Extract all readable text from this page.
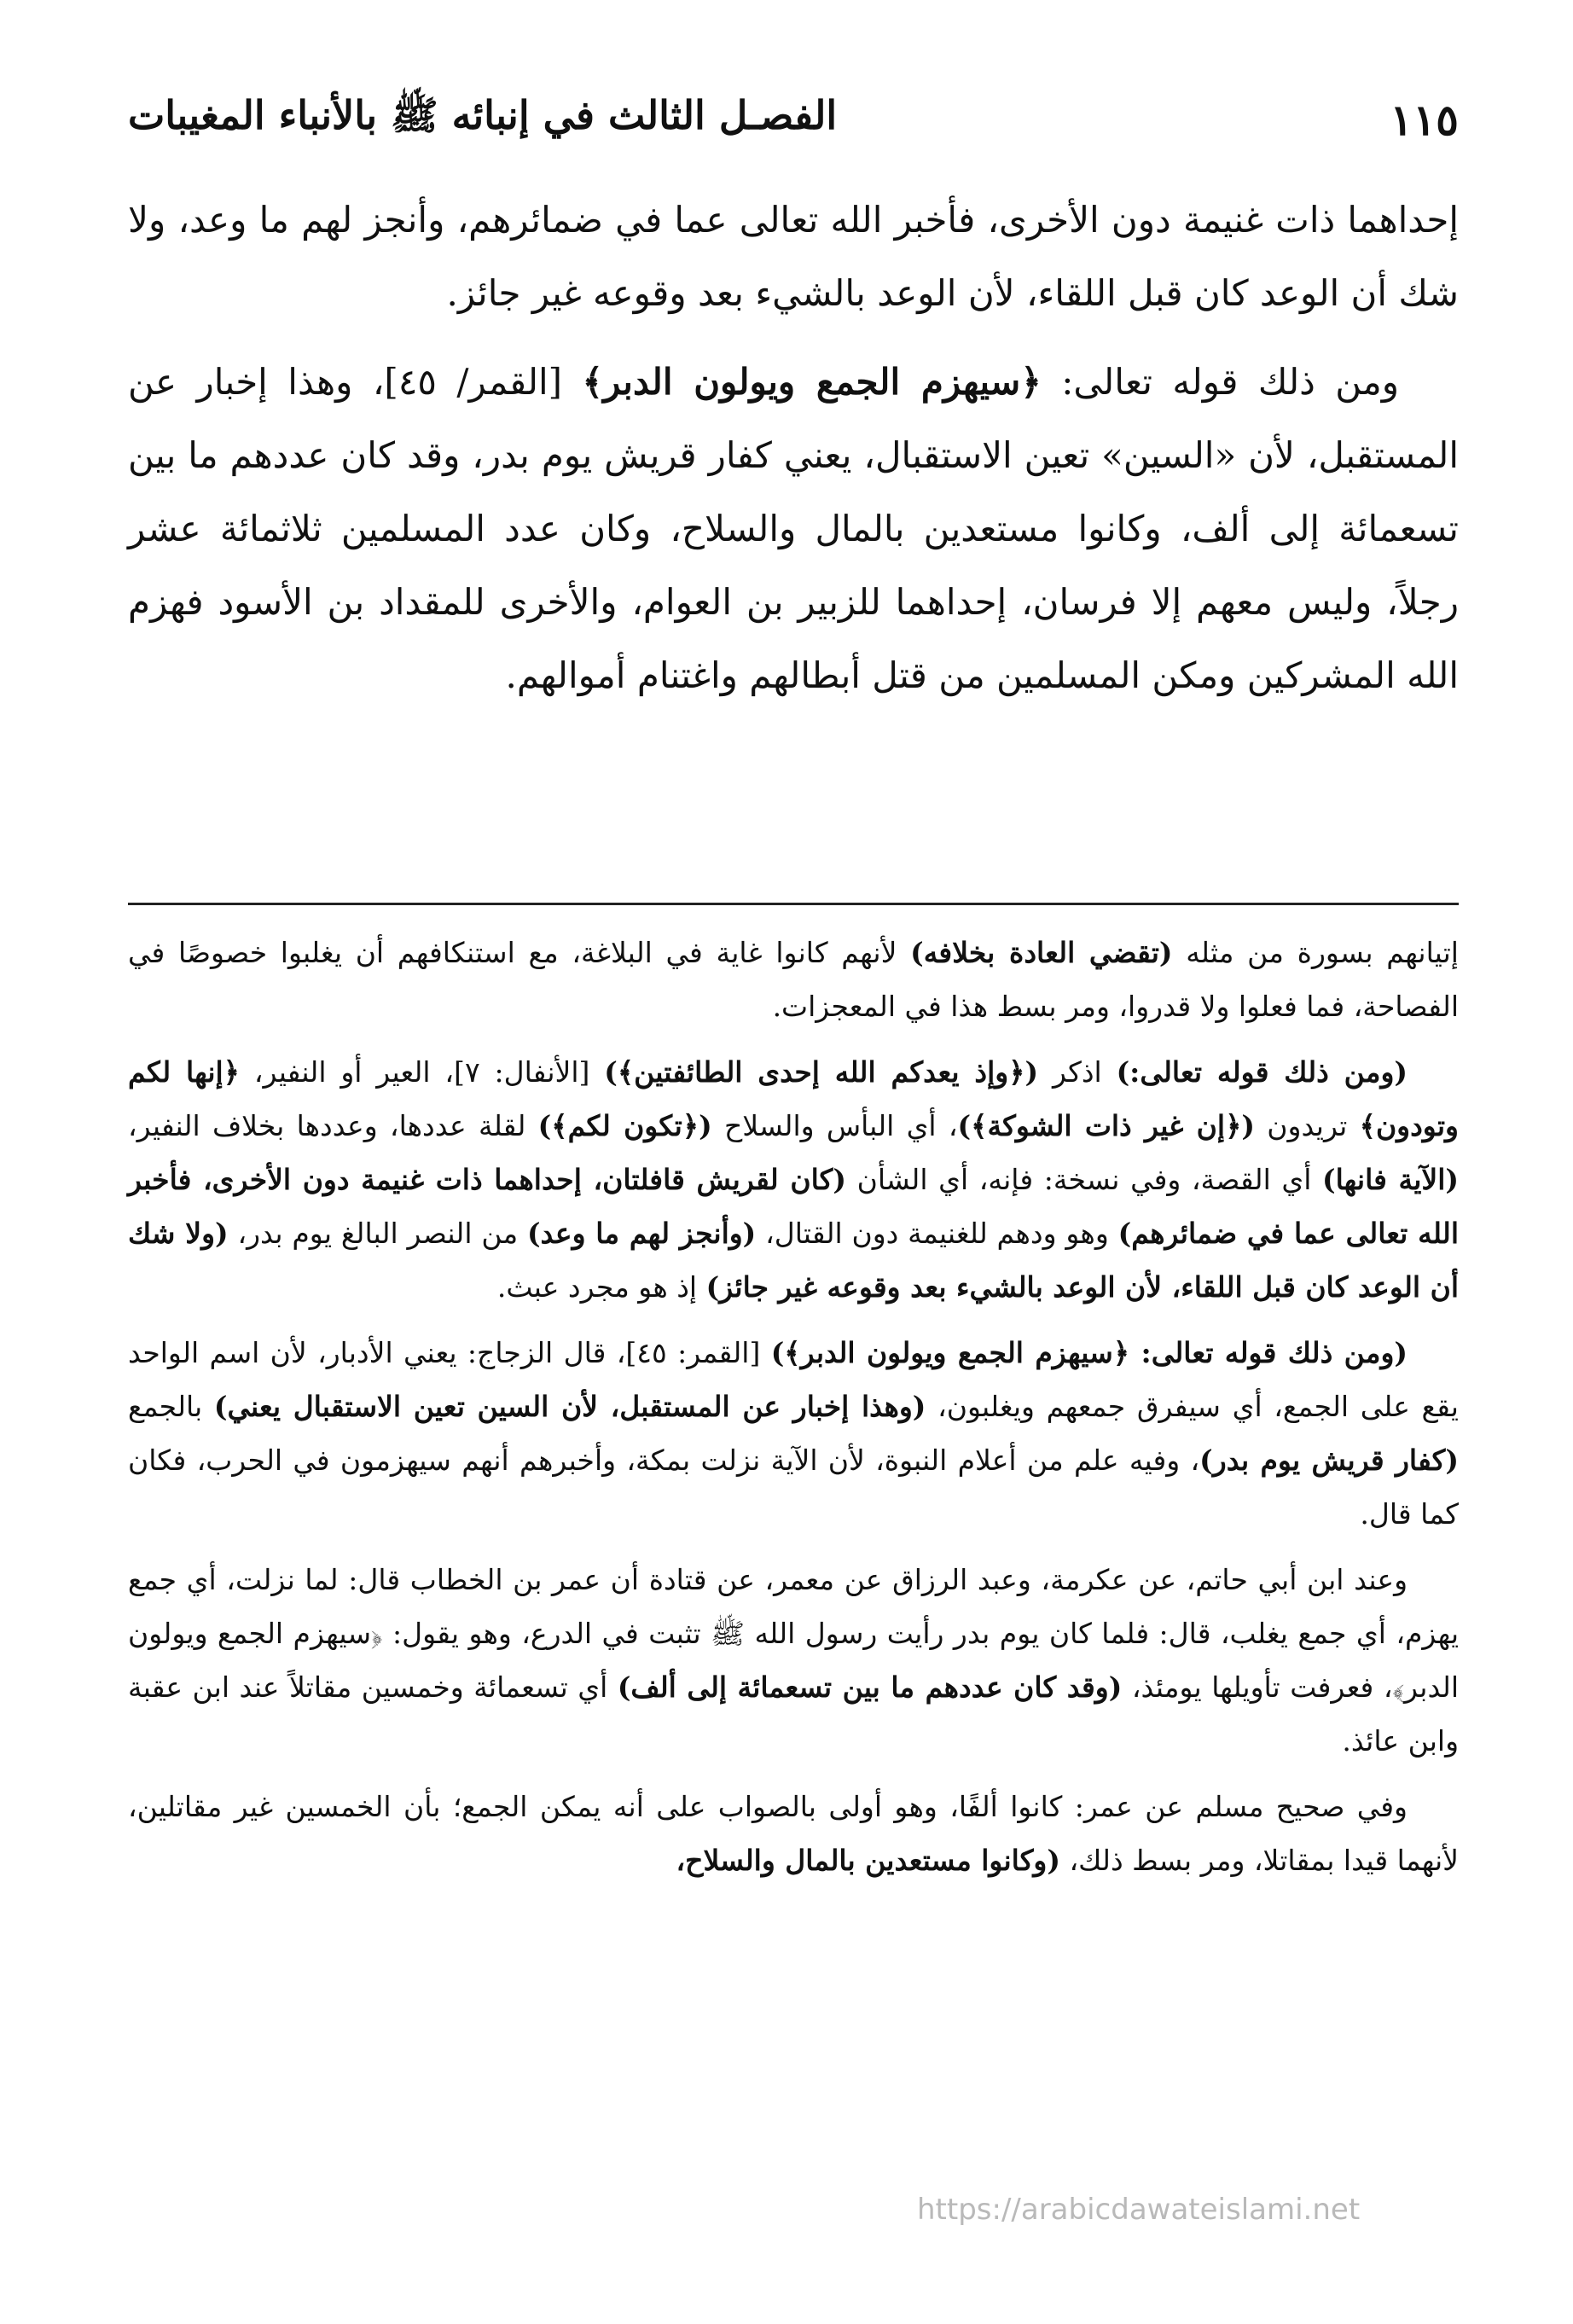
الفصـل الثالث في إنبائه ﷺ بالأنباء المغيبات	١١٥

إحداهما ذات غنيمة دون الأخرى، فأخبر الله تعالى عما في ضمائرهم، وأنجز لهم ما وعد، ولا شك أن الوعد كان قبل اللقاء، لأن الوعد بالشيء بعد وقوعه غير جائز.

ومن ذلك قوله تعالى: ﴿سيهزم الجمع ويولون الدبر﴾ [القمر/ ٤٥]، وهذا إخبار عن المستقبل، لأن «السين» تعين الاستقبال، يعني كفار قريش يوم بدر، وقد كان عددهم ما بين تسعمائة إلى ألف، وكانوا مستعدين بالمال والسلاح، وكان عدد المسلمين ثلاثمائة عشر رجلاً، وليس معهم إلا فرسان، إحداهما للزبير بن العوام، والأخرى للمقداد بن الأسود فهزم الله المشركين ومكن المسلمين من قتل أبطالهم واغتنام أموالهم.

إتيانهم بسورة من مثله (تقضي العادة بخلافه) لأنهم كانوا غاية في البلاغة، مع استنكافهم أن يغلبوا خصوصًا في الفصاحة، فما فعلوا ولا قدروا، ومر بسط هذا في المعجزات.

(ومن ذلك قوله تعالى:) اذكر (﴿وإذ يعدكم الله إحدى الطائفتين﴾) [الأنفال: ٧]، العير أو النفير، ﴿إنها لكم وتودون﴾ تريدون (﴿إن غير ذات الشوكة﴾)، أي البأس والسلاح (﴿تكون لكم﴾) لقلة عددها، وعددها بخلاف النفير، (الآية فانها) أي القصة، وفي نسخة: فإنه، أي الشأن (كان لقريش قافلتان، إحداهما ذات غنيمة دون الأخرى، فأخبر الله تعالى عما في ضمائرهم) وهو ودهم للغنيمة دون القتال، (وأنجز لهم ما وعد) من النصر البالغ يوم بدر، (ولا شك أن الوعد كان قبل اللقاء، لأن الوعد بالشيء بعد وقوعه غير جائز) إذ هو مجرد عبث.

(ومن ذلك قوله تعالى: ﴿سيهزم الجمع ويولون الدبر﴾) [القمر: ٤٥]، قال الزجاج: يعني الأدبار، لأن اسم الواحد يقع على الجمع، أي سيفرق جمعهم ويغلبون، (وهذا إخبار عن المستقبل، لأن السين تعين الاستقبال يعني) بالجمع (كفار قريش يوم بدر)، وفيه علم من أعلام النبوة، لأن الآية نزلت بمكة، وأخبرهم أنهم سيهزمون في الحرب، فكان كما قال.

وعند ابن أبي حاتم، عن عكرمة، وعبد الرزاق عن معمر، عن قتادة أن عمر بن الخطاب قال: لما نزلت، أي جمع يهزم، أي جمع يغلب، قال: فلما كان يوم بدر رأيت رسول الله ﷺ تثبت في الدرع، وهو يقول: ﴿سيهزم الجمع ويولون الدبر﴾، فعرفت تأويلها يومئذ، (وقد كان عددهم ما بين تسعمائة إلى ألف) أي تسعمائة وخمسين مقاتلاً عند ابن عقبة وابن عائذ.

وفي صحيح مسلم عن عمر: كانوا ألفًا، وهو أولى بالصواب على أنه يمكن الجمع؛ بأن الخمسين غير مقاتلين، لأنهما قيدا بمقاتلا، ومر بسط ذلك، (وكانوا مستعدين بالمال والسلاح،

https://arabicdawateislami.net
